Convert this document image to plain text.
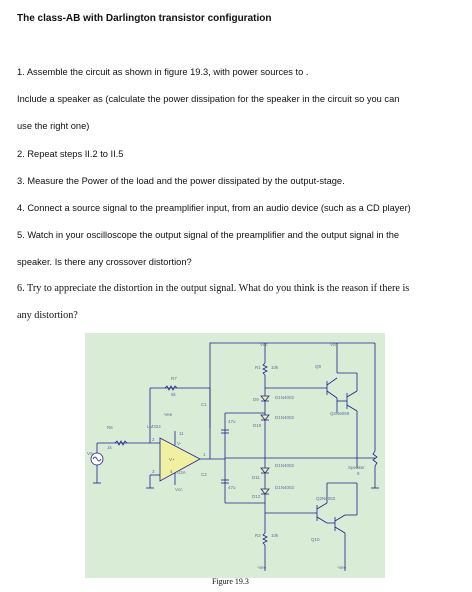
The class-AB with Darlington transistor configuration
1. Assemble the circuit as shown in figure 19.3, with power sources to .
Include a speaker as (calculate the power dissipation for the speaker in the circuit so you can
use the right one)
2. Repeat steps II.2 to II.5
3. Measure the Power of the load and the power dissipated by the output-stage.
4. Connect a source signal to the preamplifier input, from an audio device (such as a CD player)
5. Watch in your oscilloscope the output signal of the preamplifier and the output signal in the
speaker. Is there any crossover distortion?
6. Try to appreciate the distortion in the output signal. What do you think is the reason if there is
any distortion?
Vcc	Vcc
R1 10k	Q9
R7
5k
D9	D1N4002
C1
-Vee	Q2N6059
D1N4002
R6	LM324
47u
D10
11
1k
2
V-
VS
V+
1
3	4 U3A	C2
D1N4002	Speaker
8
D11
Vcc	47u	D1N4002
D12	Q2N6052
R2 10k
Q10
-Vee	-Vee
Figure 19.3
